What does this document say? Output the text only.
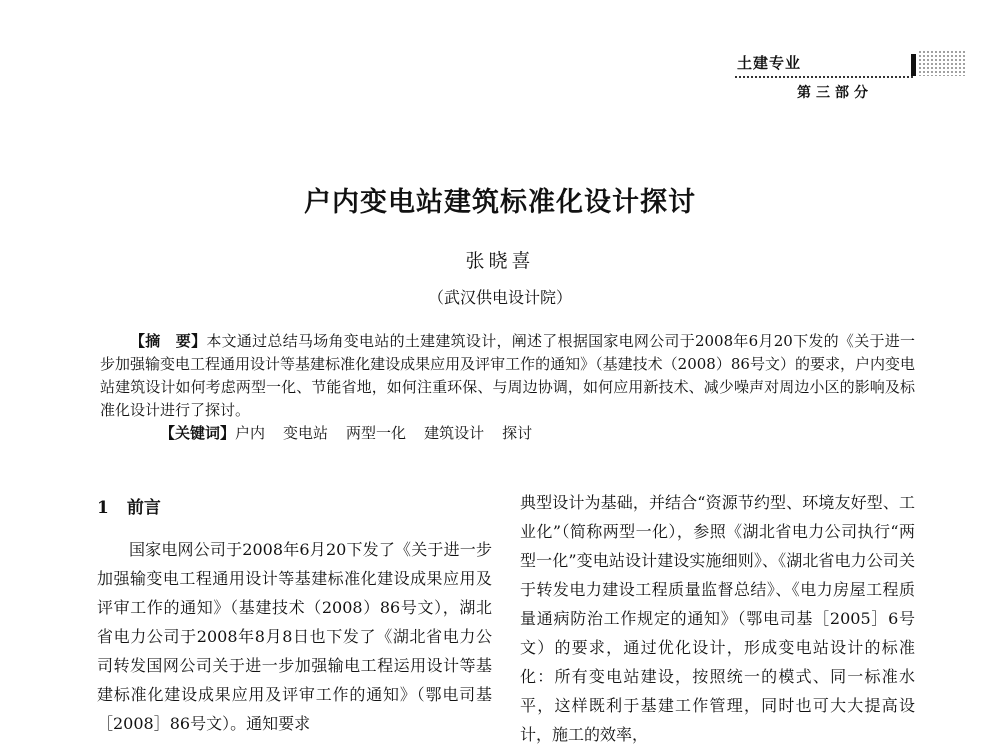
土建专业
第三部分
户内变电站建筑标准化设计探讨
张晓喜
（武汉供电设计院）

【摘　要】本文通过总结马场角变电站的土建建筑设计，阐述了根据国家电网公司于2008年6月20下发的《关于进一步加强输变电工程通用设计等基建标准化建设成果应用及评审工作的通知》（基建技术（2008）86号文）的要求，户内变电站建筑设计如何考虑两型一化、节能省地，如何注重环保、与周边协调，如何应用新技术、减少噪声对周边小区的影响及标准化设计进行了探讨。

【关键词】户内 变电站 两型一化 建筑设计 探讨

1 前言

国家电网公司于2008年6月20下发了《关于进一步加强输变电工程通用设计等基建标准化建设成果应用及评审工作的通知》（基建技术（2008）86号文），湖北省电力公司于2008年8月8日也下发了《湖北省电力公司转发国网公司关于进一步加强输电工程运用设计等基建标准化建设成果应用及评审工作的通知》（鄂电司基［2008］86号文）。通知要求

典型设计为基础，并结合“资源节约型、环境友好型、工业化”（简称两型一化），参照《湖北省电力公司执行“两型一化”变电站设计建设实施细则》、《湖北省电力公司关于转发电力建设工程质量监督总结》、《电力房屋工程质量通病防治工作规定的通知》（鄂电司基［2005］6号文）的要求，通过优化设计，形成变电站设计的标准化：所有变电站建设，按照统一的模式、同一标准水平，这样既利于基建工作管理，同时也可大大提高设计，施工的效率，
